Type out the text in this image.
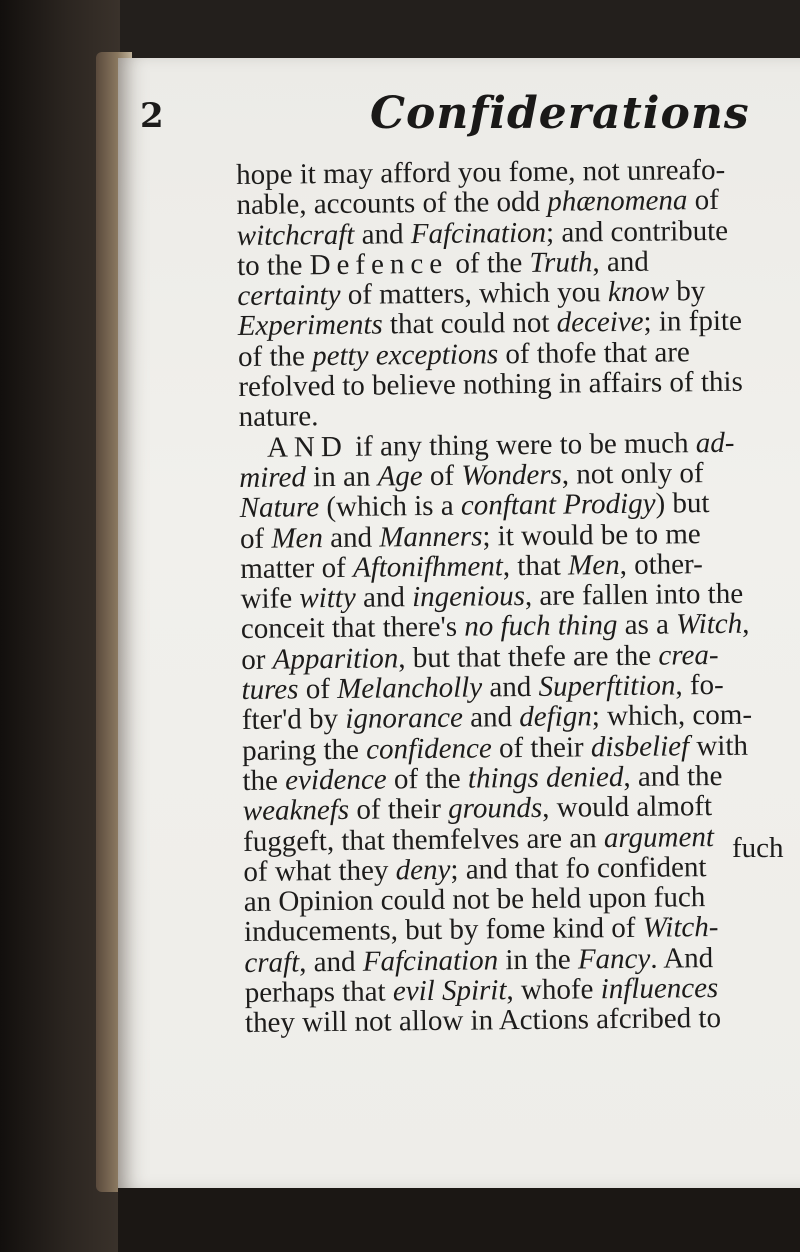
2	Confiderations
hope it may afford you fome, not unreafo-
nable, accounts of the odd phænomena of
witchcraft and Fafcination; and contribute
to the Defence of the Truth, and
certainty of matters, which you know by
Experiments that could not deceive; in fpite
of the petty exceptions of thofe that are
refolved to believe nothing in affairs of this
nature.
AND if any thing were to be much ad-
mired in an Age of Wonders, not only of
Nature (which is a conftant Prodigy) but
of Men and Manners; it would be to me
matter of Aftonifhment, that Men, other-
wife witty and ingenious, are fallen into the
conceit that there's no fuch thing as a Witch,
or Apparition, but that thefe are the crea-
tures of Melancholly and Superftition, fo-
fter'd by ignorance and defign; which, com-
paring the confidence of their disbelief with
the evidence of the things denied, and the
weaknefs of their grounds, would almoft
fuggeft, that themfelves are an argument
of what they deny; and that fo confident
an Opinion could not be held upon fuch
inducements, but by fome kind of Witch-
craft, and Fafcination in the Fancy. And
perhaps that evil Spirit, whofe influences
they will not allow in Actions afcribed to
fuch
